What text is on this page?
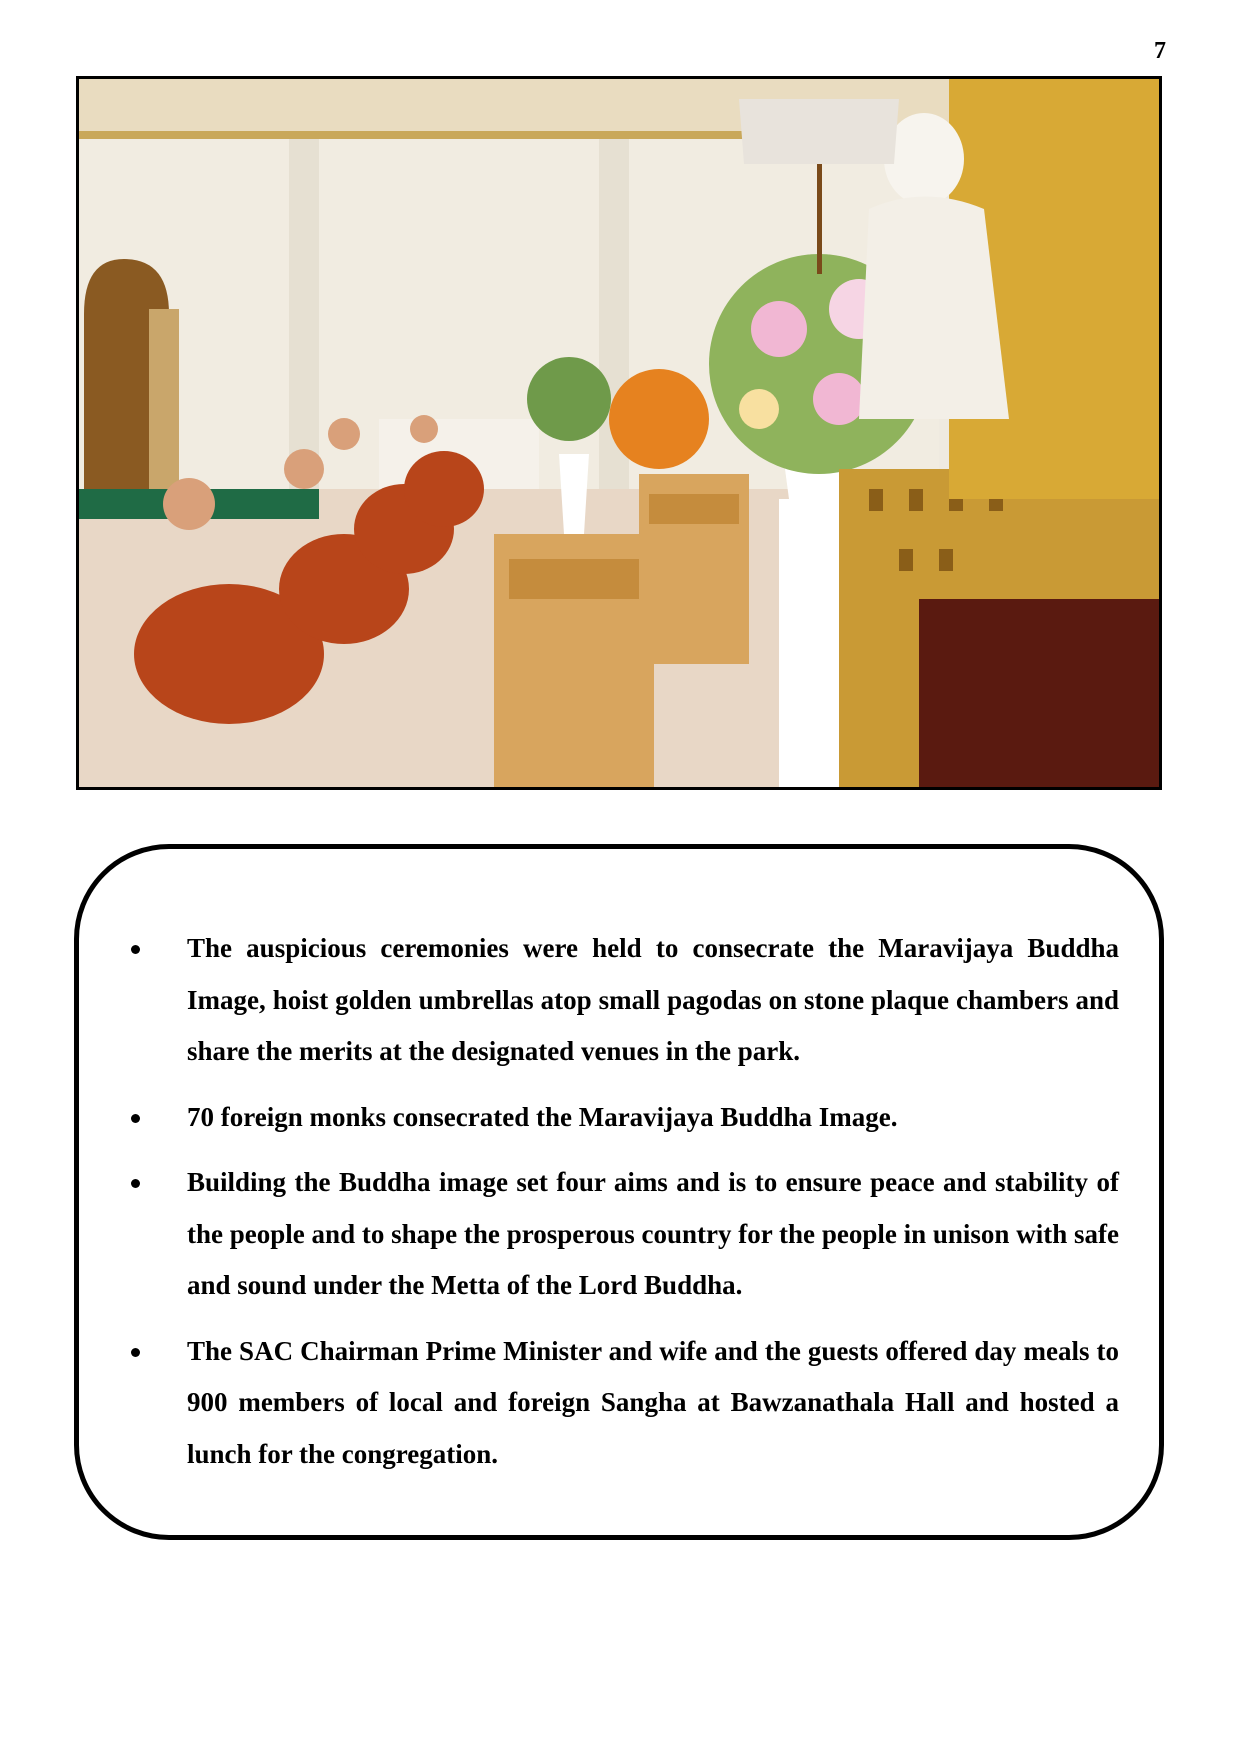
7
The auspicious ceremonies were held to consecrate the Maravijaya Buddha Image, hoist golden umbrellas atop small pagodas on stone plaque chambers and share the merits at the designated venues in the park.
70 foreign monks consecrated the Maravijaya Buddha Image.
Building the Buddha image set four aims and is to ensure peace and stability of the people and to shape the prosperous country for the people in unison with safe and sound under the Metta of the Lord Buddha.
The SAC Chairman Prime Minister and wife and the guests offered day meals to 900 members of local and foreign Sangha at Bawzanathala Hall and hosted a lunch for the congregation.
